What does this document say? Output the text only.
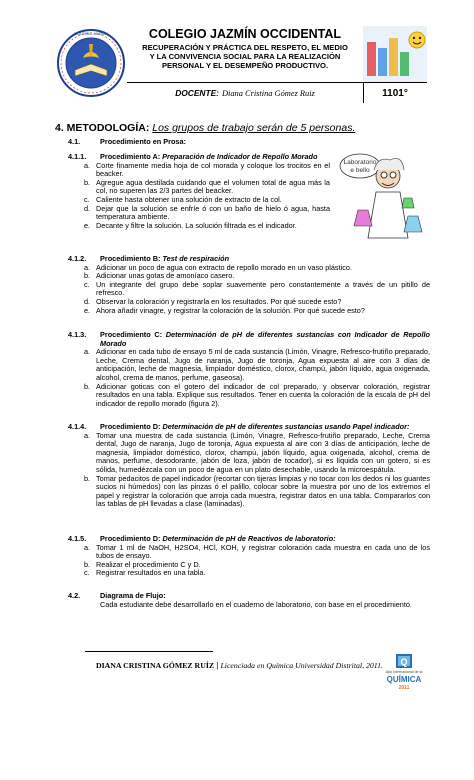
COLEGIO JAZMÍN	COLEGIO JAZMÍN OCCIDENTAL
RECUPERACIÓN Y PRÁCTICA DEL RESPETO, EL MEDIO
Y LA CONVIVENCIA SOCIAL PARA LA REALIZACIÓN
PERSONAL Y EL DESEMPEÑO PRODUCTIVO.
DOCENTE: Diana Cristina Gómez Ruiz	1101°
4. METODOLOGÍA: Los grupos de trabajo serán de 5 personas.
4.1.	Procedimiento en Prosa:
Laboratorio
e bello
4.1.1. Procedimiento A: Preparación de Indicador de Repollo Morado
a. Corte finamente media hoja de col morada y coloque los trocitos en el beacker.
b. Agregue agua destilada cuidando que el volumen total de agua más la col, no superen las 2/3 partes del beacker.
c. Caliente hasta obtener una solución de extracto de la col.
d. Dejar que la solución se enfríe ó con un baño de hielo ó agua, hasta temperatura ambiente.
e. Decante y filtre la solución. La solución filtrada es el indicador.
4.1.2. Procedimiento B: Test de respiración
a. Adicionar un poco de agua con extracto de repollo morado en un vaso plástico.
b. Adicionar unas gotas de amoníaco casero.
c. Un integrante del grupo debe soplar suavemente pero constantemente a través de un pitillo de refresco.
d. Observar la coloración y registrarla en los resultados. Por qué sucede esto?
e. Ahora añadir vinagre, y registrar la coloración de la solución. Por qué sucede esto?
4.1.3. Procedimiento C: Determinación de pH de diferentes sustancias con Indicador de Repollo Morado
a. Adicionar en cada tubo de ensayo 5 ml de cada sustancia (Limón, Vinagre, Refresco-frutiño preparado, Leche, Crema dental, Jugo de naranja, Jugo de toronja, Agua expuesta al aire con 3 días de anticipación, leche de magnesia, limpiador doméstico, clorox, champú, jabón líquido, agua oxigenada, alcohol, crema de manos, perfume, gaseosa).
b. Adicionar goticas con el gotero del indicador de col preparado, y observar coloración, registrar resultados en una tabla. Explique sus resultados. Tener en cuenta la coloración de la escala de pH del indicador de repollo morado (figura 2).
4.1.4. Procedimiento D: Determinación de pH de diferentes sustancias usando Papel indicador:
a. Tomar una muestra de cada sustancia (Limón, Vinagre, Refresco-frutiño preparado, Leche, Crema dental, Jugo de naranja, Jugo de toronja, Agua expuesta al aire con 3 días de anticipación, leche de magnesia, limpiador doméstico, clorox, champú, jabón líquido, agua oxigenada, alcohol, crema de manos, perfume, desodorante, jabón de loza, jabón de tocador), si es líquida con un gotero, si es sólida, humedézcala con un poco de agua en un plato desechable, usando la microespátula.
b. Tomar pedacitos de papel indicador (recortar con tijeras limpias y no tocar con los dedos ni los guantes sucios ni húmedos) con las pinzas ó el palillo, colocar sobre la muestra por uno de los extremos el papel y registrar la coloración que arroja cada muestra, registrar datos en una tabla. Compararlos con las tablas de pH llevadas a clase (laminadas).
4.1.5. Procedimiento D: Determinación de pH de Reactivos de laboratorio:
a. Tomar 1 ml de NaOH, H2SO4, HCl, KOH, y registrar coloración cada muestra en cada uno de los tubos de ensayo.
b. Realizar el procedimiento C y D.
c. Registrar resultados en una tabla.
4.2.	Diagrama de Flujo:
Cada estudiante debe desarrollarlo en el cuaderno de laboratorio, con base en el procedimiento.
DIANA CRISTINA GÓMEZ RUÍZ | Licenciada en Química Universidad Distrital, 2011. Q
Año Internacional de la
QUÍMICA
2011
